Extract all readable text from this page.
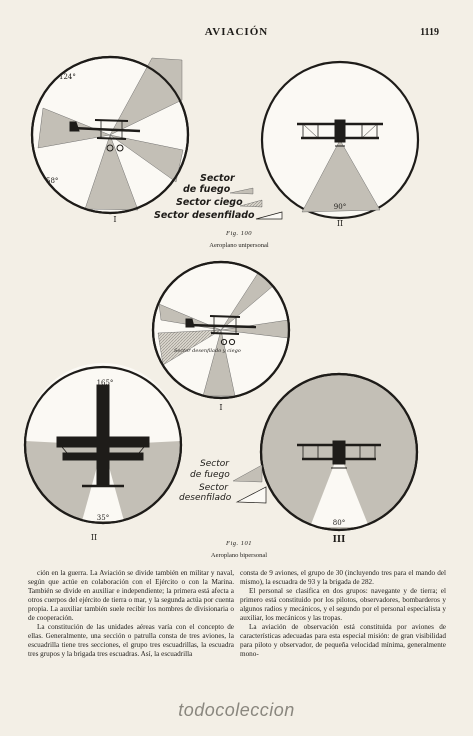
AVIACIÓN	1119
124°
58°
I
90°
II
Sector de fuego
Sector ciego
Sector desenfilado
Sector desenfilado y ciego
I
165°
35°
II
80°
III
Sector de fuego
Sector desenfilado
Fig. 100
Aeroplano unipersonal
Fig. 101
Aeroplano bipersonal

ción en la guerra. La Aviación se divide también en militar y naval, según que actúe en colaboración con el Ejército o con la Marina. También se divide en auxiliar e independiente; la primera está afecta a otros cuerpos del ejército de tierra o mar, y la segunda actúa por cuenta propia. La auxiliar también suele recibir los nombres de divisionaria o de cooperación.

La constitución de las unidades aéreas varía con el concepto de ellas. Generalmente, una sección o patrulla consta de tres aviones, la escuadrilla tiene tres secciones, el grupo tres escuadrillas, la escuadra tres grupos y la brigada tres escuadras. Así, la escuadrilla

consta de 9 aviones, el grupo de 30 (incluyendo tres para el mando del mismo), la escuadra de 93 y la brigada de 282.

El personal se clasifica en dos grupos: navegante y de tierra; el primero está constituido por los pilotos, observadores, bombarderos y algunos radios y mecánicos, y el segundo por el personal especialista y auxiliar, los mecánicos y las tropas.

La aviación de observación está constituida por aviones de características adecuadas para esta especial misión: de gran visibilidad para piloto y observador, de pequeña velocidad mínima, generalmente mono-

todocoleccion
